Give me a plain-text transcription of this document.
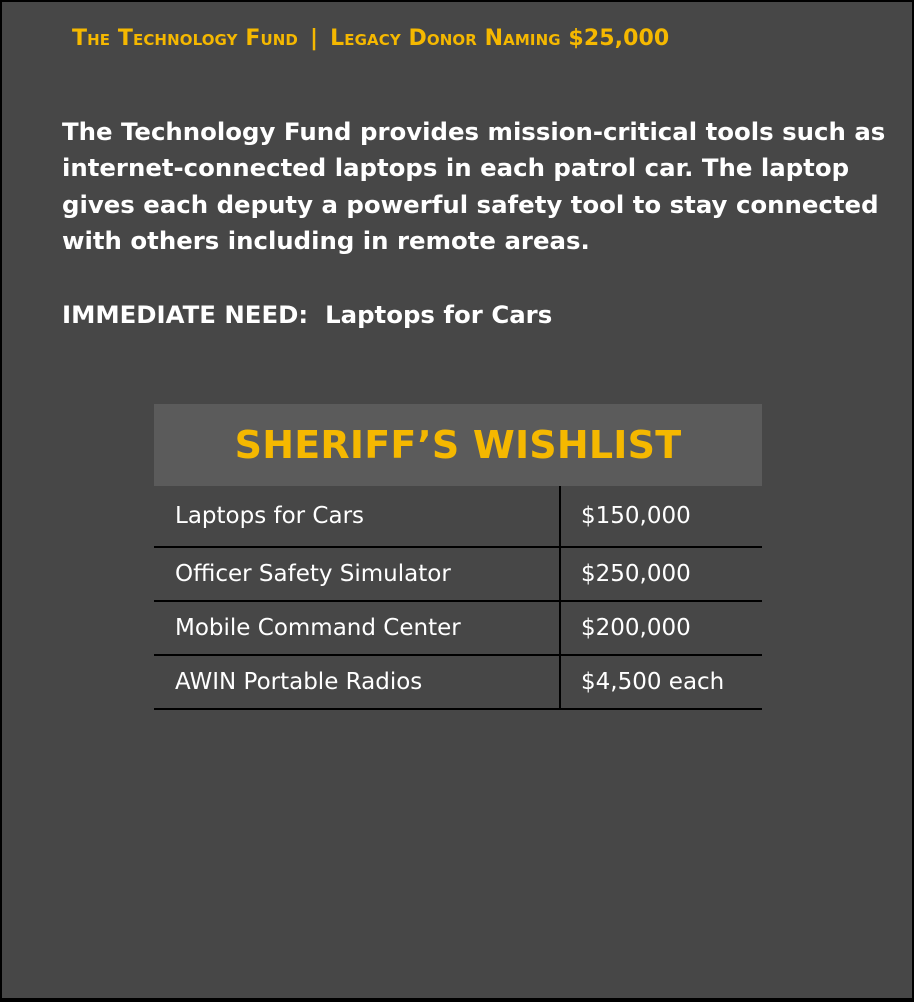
The Technology Fund | Legacy Donor Naming $25,000

The Technology Fund provides mission-critical tools such as internet-connected laptops in each patrol car. The laptop gives each deputy a powerful safety tool to stay connected with others including in remote areas.

IMMEDIATE NEED:  Laptops for Cars

SHERIFF’S WISHLIST
Laptops for Cars	$150,000
Officer Safety Simulator	$250,000
Mobile Command Center	$200,000
AWIN Portable Radios	$4,500 each
